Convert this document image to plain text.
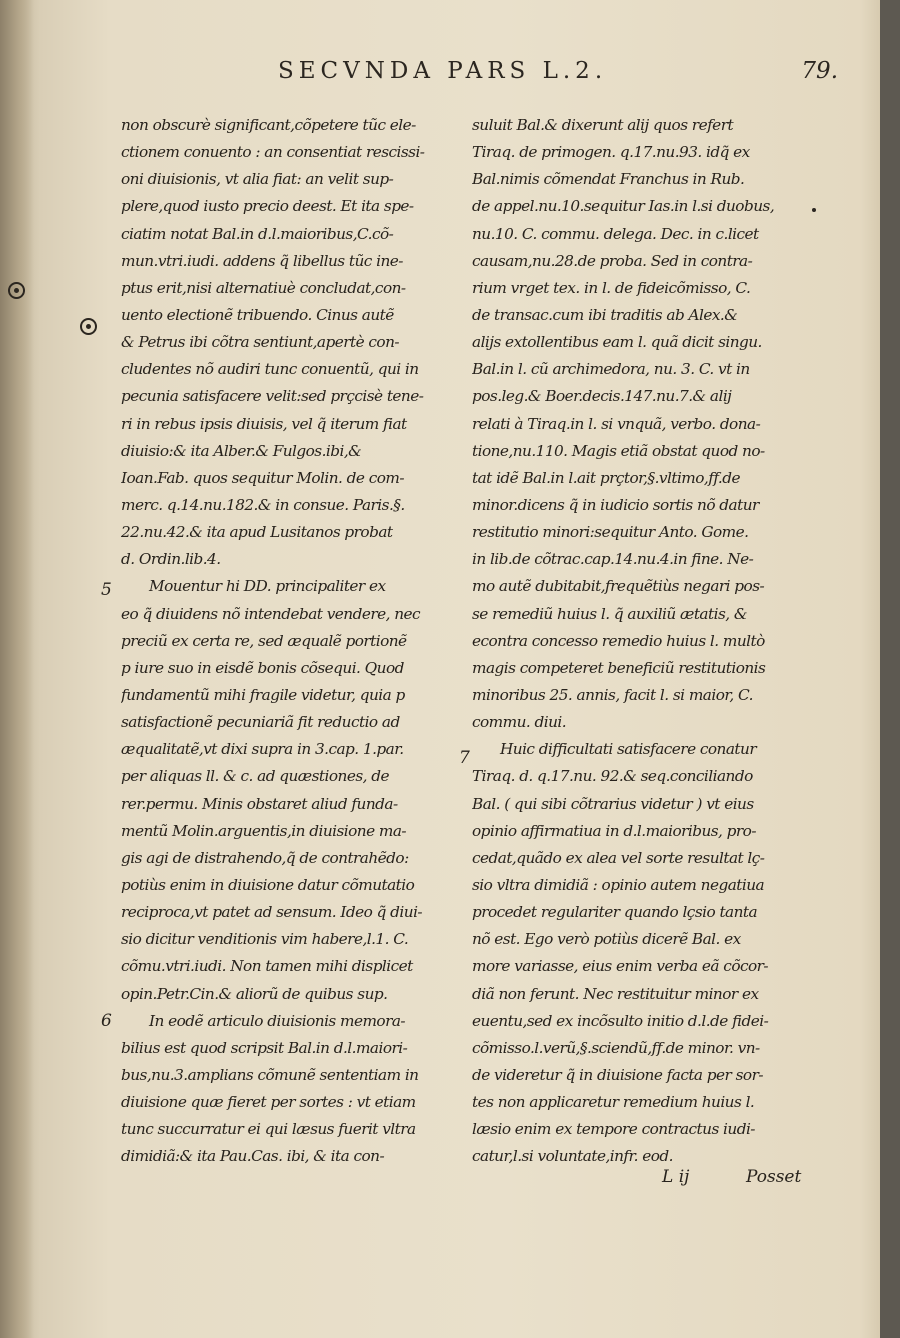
SECVNDA PARS L.2.	79.
5
6
7
non obscurè significant,cõpetere tũc ele-
ctionem conuento : an consentiat rescissi-
oni diuisionis, vt alia fiat: an velit sup-
plere,quod iusto precio deest. Et ita spe-
ciatim notat Bal.in d.l.maioribus,C.cõ-
mun.vtri.iudi. addens q̃ libellus tũc ine-
ptus erit,nisi alternatiuè concludat,con-
uento electionẽ tribuendo. Cinus autẽ
& Petrus ibi cõtra sentiunt,apertè con-
cludentes nõ audiri tunc conuentũ, qui in
pecunia satisfacere velit:sed prçcisè tene-
ri in rebus ipsis diuisis, vel q̃ iterum fiat
diuisio:& ita Alber.& Fulgos.ibi,&
Ioan.Fab. quos sequitur Molin. de com-
merc. q.14.nu.182.& in consue. Paris.§.
22.nu.42.& ita apud Lusitanos probat
d. Ordin.lib.4.
Mouentur hi DD. principaliter ex
eo q̃ diuidens nõ intendebat vendere, nec
preciũ ex certa re, sed æqualẽ portionẽ
p iure suo in eisdẽ bonis cõsequi. Quod
fundamentũ mihi fragile videtur, quia p
satisfactionẽ pecuniariã fit reductio ad
æqualitatẽ,vt dixi supra in 3.cap. 1.par.
per aliquas ll. & c. ad quæstiones, de
rer.permu. Minis obstaret aliud funda-
mentũ Molin.arguentis,in diuisione ma-
gis agi de distrahendo,q̃ de contrahẽdo:
potiùs enim in diuisione datur cõmutatio
reciproca,vt patet ad sensum. Ideo q̃ diui-
sio dicitur venditionis vim habere,l.1. C.
cõmu.vtri.iudi. Non tamen mihi displicet
opin.Petr.Cin.& aliorũ de quibus sup.
In eodẽ articulo diuisionis memora-
bilius est quod scripsit Bal.in d.l.maiori-
bus,nu.3.amplians cõmunẽ sententiam in
diuisione quæ fieret per sortes : vt etiam
tunc succurratur ei qui læsus fuerit vltra
dimidiã:& ita Pau.Cas. ibi, & ita con-
suluit Bal.& dixerunt alij quos refert
Tiraq. de primogen. q.17.nu.93. idq̃ ex
Bal.nimis cõmendat Franchus in Rub.
de appel.nu.10.sequitur Ias.in l.si duobus,
nu.10. C. commu. delega. Dec. in c.licet
causam,nu.28.de proba. Sed in contra-
rium vrget tex. in l. de fideicõmisso, C.
de transac.cum ibi traditis ab Alex.&
alijs extollentibus eam l. quã dicit singu.
Bal.in l. cũ archimedora, nu. 3. C. vt in
pos.leg.& Boer.decis.147.nu.7.& alij
relati à Tiraq.in l. si vnquã, verbo. dona-
tione,nu.110. Magis etiã obstat quod no-
tat idẽ Bal.in l.ait prçtor,§.vltimo,ff.de
minor.dicens q̃ in iudicio sortis nõ datur
restitutio minori:sequitur Anto. Gome.
in lib.de cõtrac.cap.14.nu.4.in fine. Ne-
mo autẽ dubitabit,frequẽtiùs negari pos-
se remediũ huius l. q̃ auxiliũ ætatis, &
econtra concesso remedio huius l. multò
magis competeret beneficiũ restitutionis
minoribus 25. annis, facit l. si maior, C.
commu. diui.
Huic difficultati satisfacere conatur
Tiraq. d. q.17.nu. 92.& seq.conciliando
Bal. ( qui sibi cõtrarius videtur ) vt eius
opinio affirmatiua in d.l.maioribus, pro-
cedat,quãdo ex alea vel sorte resultat lç-
sio vltra dimidiã : opinio autem negatiua
procedet regulariter quando lçsio tanta
nõ est. Ego verò potiùs dicerẽ Bal. ex
more variasse, eius enim verba eã cõcor-
diã non ferunt. Nec restituitur minor ex
euentu,sed ex incõsulto initio d.l.de fidei-
cõmisso.l.verũ,§.sciendũ,ff.de minor. vn-
de videretur q̃ in diuisione facta per sor-
tes non applicaretur remedium huius l.
læsio enim ex tempore contractus iudi-
catur,l.si voluntate,infr. eod.
L ij	Posset
